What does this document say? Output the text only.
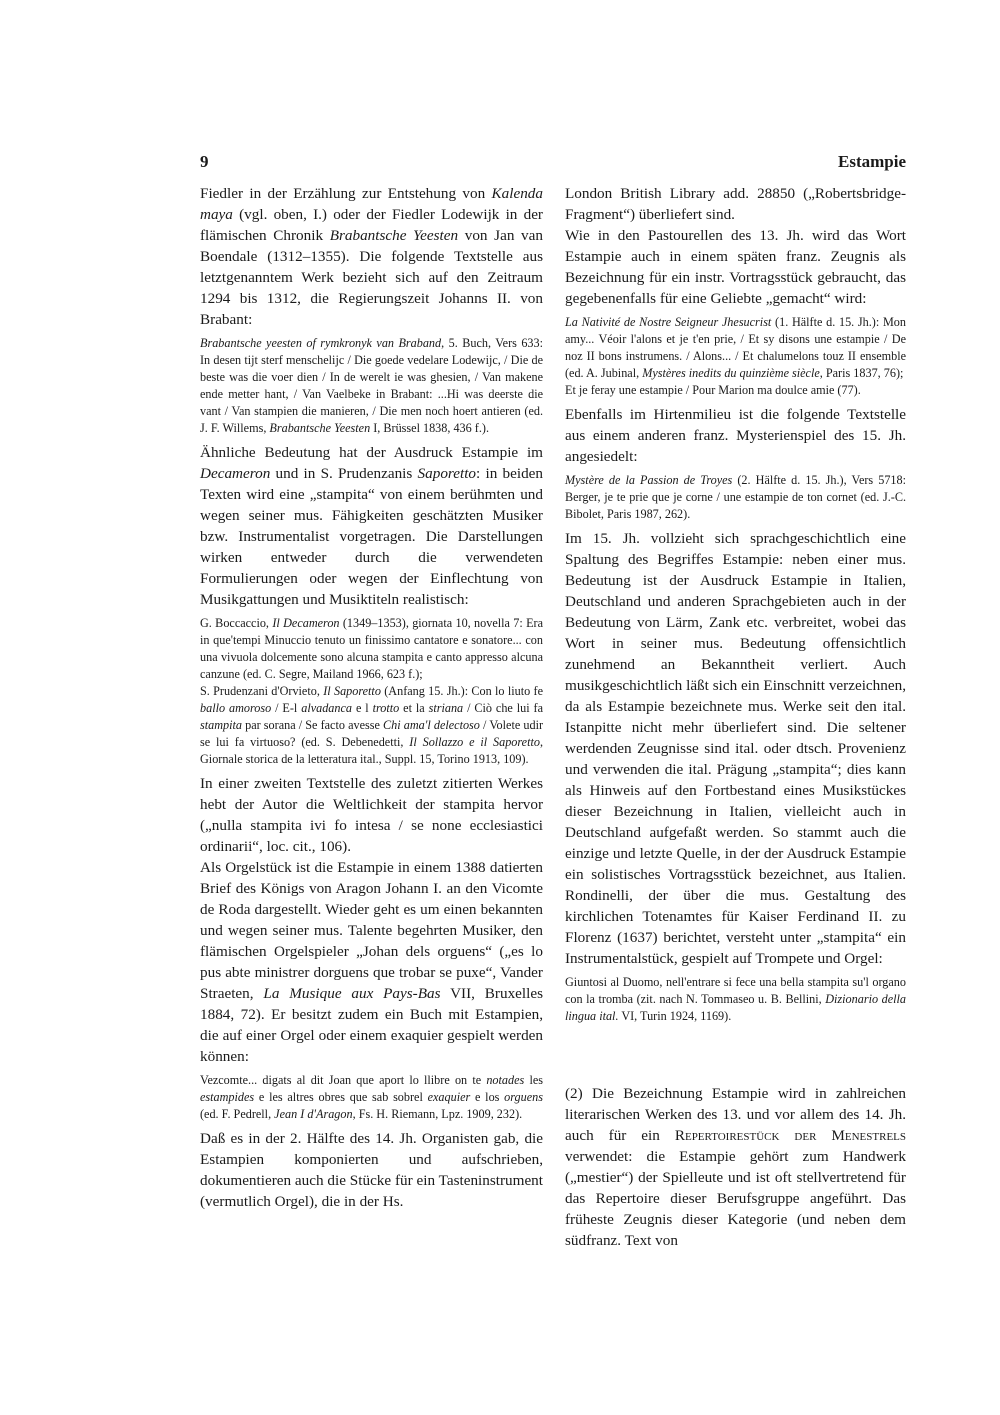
9	Estampie

Fiedler in der Erzählung zur Entstehung von Kalenda maya (vgl. oben, I.) oder der Fiedler Lodewijk in der flämischen Chronik Brabantsche Yeesten von Jan van Boendale (1312–1355). Die folgende Textstelle aus letztgenanntem Werk bezieht sich auf den Zeitraum 1294 bis 1312, die Regierungszeit Johanns II. von Brabant:

Brabantsche yeesten of rymkronyk van Braband, 5. Buch, Vers 633: In desen tijt sterf menschelijc / Die goede vedelare Lodewijc, / Die de beste was die voer dien / In de werelt ie was ghesien, / Van makene ende metter hant, / Van Vaelbeke in Brabant: ...Hi was deerste die vant / Van stampien die manieren, / Die men noch hoert antieren (ed. J. F. Willems, Brabantsche Yeesten I, Brüssel 1838, 436 f.).

Ähnliche Bedeutung hat der Ausdruck Estampie im Decameron und in S. Prudenzanis Saporetto: in beiden Texten wird eine „stampita“ von einem berühmten und wegen seiner mus. Fähigkeiten geschätzten Musiker bzw. Instrumentalist vorgetragen. Die Darstellungen wirken entweder durch die verwendeten Formulierungen oder wegen der Einflechtung von Musikgattungen und Musiktiteln realistisch:

G. Boccaccio, Il Decameron (1349–1353), giornata 10, novella 7: Era in que'tempi Minuccio tenuto un finissimo cantatore e sonatore... con una vivuola dolcemente sono alcuna stampita e canto appresso alcuna canzune (ed. C. Segre, Mailand 1966, 623 f.);

S. Prudenzani d'Orvieto, Il Saporetto (Anfang 15. Jh.): Con lo liuto fe ballo amoroso / E-l alvadanca e l trotto et la striana / Ciò che lui fa stampita par sorana / Se facto avesse Chi ama'l delectoso / Volete udir se lui fa virtuoso? (ed. S. Debenedetti, Il Sollazzo e il Saporetto, Giornale storica de la letteratura ital., Suppl. 15, Torino 1913, 109).

In einer zweiten Textstelle des zuletzt zitierten Werkes hebt der Autor die Weltlichkeit der stampita hervor („nulla stampita ivi fo intesa / se none ecclesiastici ordinarii“, loc. cit., 106).

Als Orgelstück ist die Estampie in einem 1388 datierten Brief des Königs von Aragon Johann I. an den Vicomte de Roda dargestellt. Wieder geht es um einen bekannten und wegen seiner mus. Talente begehrten Musiker, den flämischen Orgelspieler „Johan dels orguens“ („es lo pus abte ministrer dorguens que trobar se puxe“, Vander Straeten, La Musique aux Pays-Bas VII, Bruxelles 1884, 72). Er besitzt zudem ein Buch mit Estampien, die auf einer Orgel oder einem exaquier gespielt werden können:

Vezcomte... digats al dit Joan que aport lo llibre on te notades les estampides e les altres obres que sab sobrel exaquier e los orguens (ed. F. Pedrell, Jean I d'Aragon, Fs. H. Riemann, Lpz. 1909, 232).

Daß es in der 2. Hälfte des 14. Jh. Organisten gab, die Estampien komponierten und aufschrieben, dokumentieren auch die Stücke für ein Tasteninstrument (vermutlich Orgel), die in der Hs.

London British Library add. 28850 („Robertsbridge-Fragment“) überliefert sind.

Wie in den Pastourellen des 13. Jh. wird das Wort Estampie auch in einem späten franz. Zeugnis als Bezeichnung für ein instr. Vortragsstück gebraucht, das gegebenenfalls für eine Geliebte „gemacht“ wird:

La Nativité de Nostre Seigneur Jhesucrist (1. Hälfte d. 15. Jh.): Mon amy... Véoir l'alons et je t'en prie, / Et sy disons une estampie / De noz II bons instrumens. / Alons... / Et chalumelons touz II ensemble (ed. A. Jubinal, Mystères inedits du quinzième siècle, Paris 1837, 76);

Et je feray une estampie / Pour Marion ma doulce amie (77).

Ebenfalls im Hirtenmilieu ist die folgende Textstelle aus einem anderen franz. Mysterienspiel des 15. Jh. angesiedelt:

Mystère de la Passion de Troyes (2. Hälfte d. 15. Jh.), Vers 5718: Berger, je te prie que je corne / une estampie de ton cornet (ed. J.-C. Bibolet, Paris 1987, 262).

Im 15. Jh. vollzieht sich sprachgeschichtlich eine Spaltung des Begriffes Estampie: neben einer mus. Bedeutung ist der Ausdruck Estampie in Italien, Deutschland und anderen Sprachgebieten auch in der Bedeutung von Lärm, Zank etc. verbreitet, wobei das Wort in seiner mus. Bedeutung offensichtlich zunehmend an Bekanntheit verliert. Auch musikgeschichtlich läßt sich ein Einschnitt verzeichnen, da als Estampie bezeichnete mus. Werke seit den ital. Istanpitte nicht mehr überliefert sind. Die seltener werdenden Zeugnisse sind ital. oder dtsch. Provenienz und verwenden die ital. Prägung „stampita“; dies kann als Hinweis auf den Fortbestand eines Musikstückes dieser Bezeichnung in Italien, vielleicht auch in Deutschland aufgefaßt werden. So stammt auch die einzige und letzte Quelle, in der der Ausdruck Estampie ein solistisches Vortragsstück bezeichnet, aus Italien. Rondinelli, der über die mus. Gestaltung des kirchlichen Totenamtes für Kaiser Ferdinand II. zu Florenz (1637) berichtet, versteht unter „stampita“ ein Instrumentalstück, gespielt auf Trompete und Orgel:

Giuntosi al Duomo, nell'entrare si fece una bella stampita su'l organo con la tromba (zit. nach N. Tommaseo u. B. Bellini, Dizionario della lingua ital. VI, Turin 1924, 1169).

(2) Die Bezeichnung Estampie wird in zahlreichen literarischen Werken des 13. und vor allem des 14. Jh. auch für ein Repertoirestück der Menestrels verwendet: die Estampie gehört zum Handwerk („mestier“) der Spielleute und ist oft stellvertretend für das Repertoire dieser Berufsgruppe angeführt. Das früheste Zeugnis dieser Kategorie (und neben dem südfranz. Text von
